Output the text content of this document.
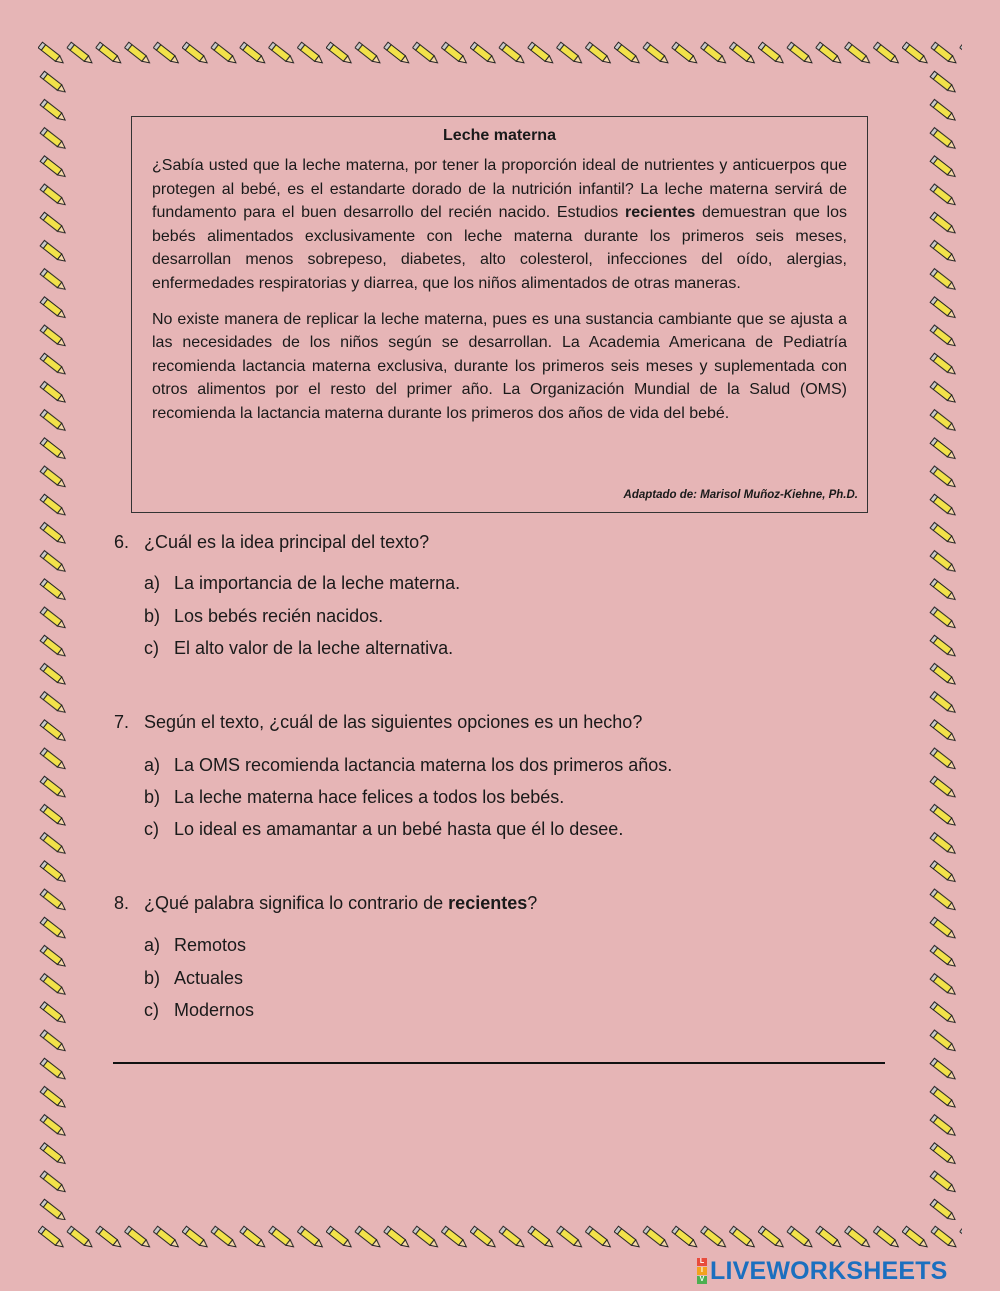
Leche materna

¿Sabía usted que la leche materna, por tener la proporción ideal de nutrientes y anticuerpos que protegen al bebé, es el estandarte dorado de la nutrición infantil? La leche materna servirá de fundamento para el buen desarrollo del recién nacido. Estudios recientes demuestran que los bebés alimentados exclusivamente con leche materna durante los primeros seis meses, desarrollan menos sobrepeso, diabetes, alto colesterol, infecciones del oído, alergias, enfermedades respiratorias y diarrea, que los niños alimentados de otras maneras.

No existe manera de replicar la leche materna, pues es una sustancia cambiante que se ajusta a las necesidades de los niños según se desarrollan. La Academia Americana de Pediatría recomienda lactancia materna exclusiva, durante los primeros seis meses y suplementada con otros alimentos por el resto del primer año. La Organización Mundial de la Salud (OMS) recomienda la lactancia materna durante los primeros dos años de vida del bebé.

Adaptado de: Marisol Muñoz-Kiehne, Ph.D.
6. ¿Cuál es la idea principal del texto?
a) La importancia de la leche materna.
b) Los bebés recién nacidos.
c) El alto valor de la leche alternativa.
7. Según el texto, ¿cuál de las siguientes opciones es un hecho?
a) La OMS recomienda lactancia materna los dos primeros años.
b) La leche materna hace felices a todos los bebés.
c) Lo ideal es amamantar a un bebé hasta que él lo desee.
8. ¿Qué palabra significa lo contrario de recientes?
a) Remotos
b) Actuales
c) Modernos
L
I
V LIVEWORKSHEETS
